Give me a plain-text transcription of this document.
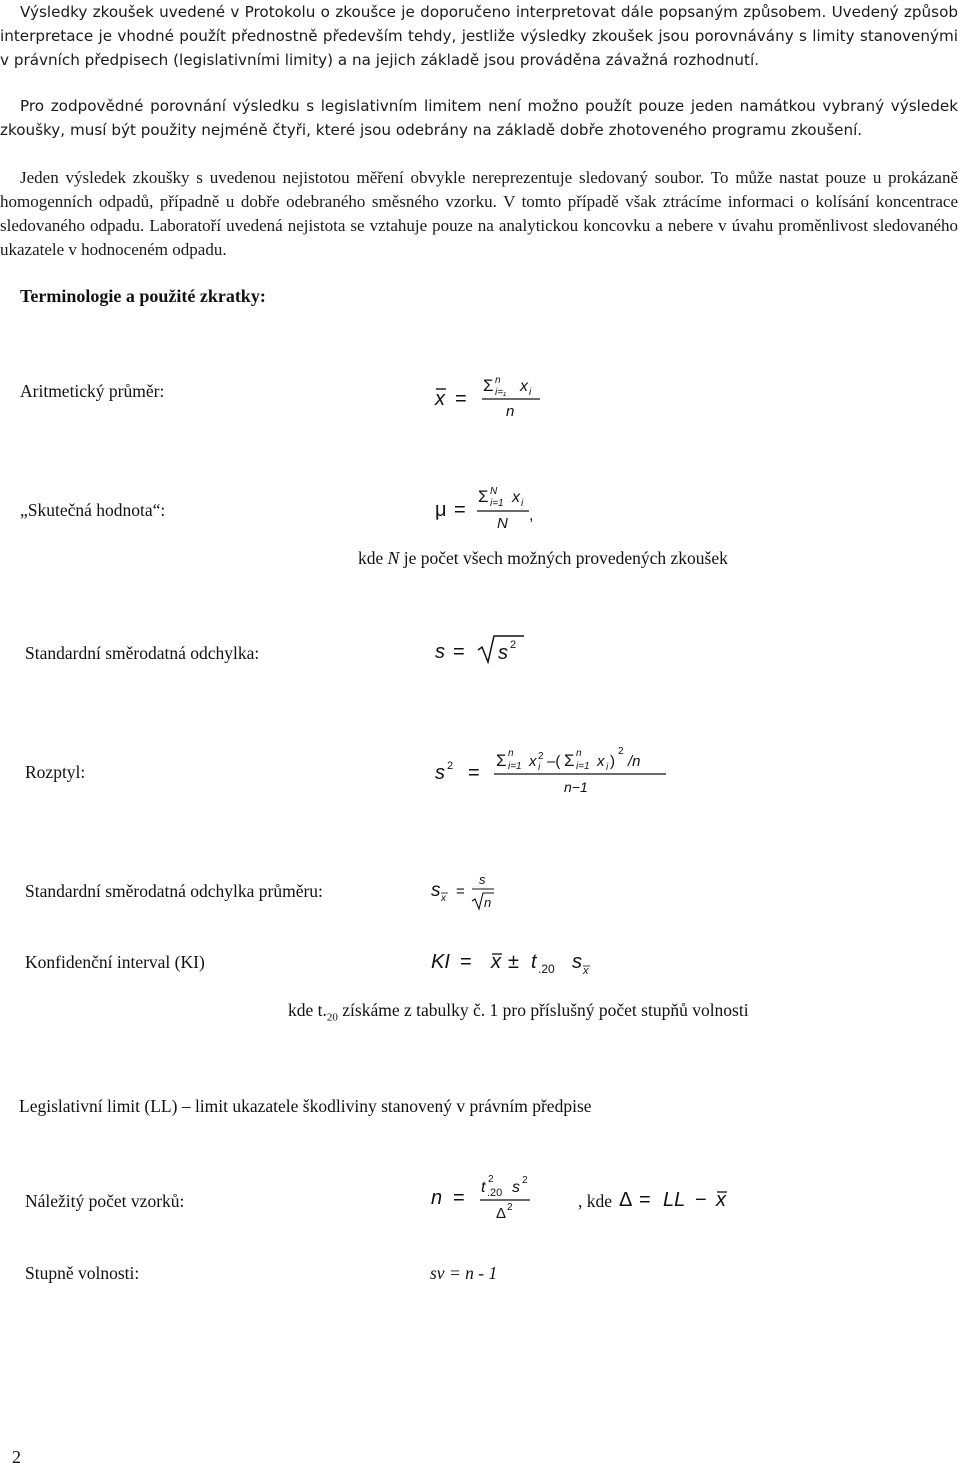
Výsledky zkoušek uvedené v Protokolu o zkoušce je doporučeno interpretovat dále popsaným způsobem. Uvedený způsob interpretace je vhodné použít přednostně především tehdy, jestliže výsledky zkoušek jsou porovnávány s limity stanovenými v právních předpisech (legislativními limity) a na jejich základě jsou prováděna závažná rozhodnutí.

Pro zodpovědné porovnání výsledku s legislativním limitem není možno použít pouze jeden namátkou vybraný výsledek zkoušky, musí být použity nejméně čtyři, které jsou odebrány na základě dobře zhotoveného programu zkoušení.

Jeden výsledek zkoušky s uvedenou nejistotou měření obvykle nereprezentuje sledovaný soubor. To může nastat pouze u prokázaně homogenních odpadů, případně u dobře odebraného směsného vzorku. V tomto případě však ztrácíme informaci o kolísání koncentrace sledovaného odpadu. Laboratoří uvedená nejistota se vztahuje pouze na analytickou koncovku a nebere v úvahu proměnlivost sledovaného ukazatele v hodnoceném odpadu.

Terminologie a použité zkratky:
Aritmetický průměr:	x =
Σ n
i=₁ x i
n
„Skutečná hodnota“:	μ =
Σ N
i=1 x i
N ,
kde N je počet všech možných provedených zkoušek
Standardní směrodatná odchylka:	s = s 2
Rozptyl:	s 2 =
Σ n
i=1 x 2
i –( Σ n
i=1 x i )
2
/n
n−1
Standardní směrodatná odchylka průměru:	s x =
s
n
Konfidenční interval (KI)	KI = x ± t .20 s x
kde $t._{20}$ získáme z tabulky č. 1 pro příslušný počet stupňů volnosti
Legislativní limit (LL) – limit ukazatele škodliviny stanovený v právním předpise
Náležitý počet vzorků:	n = t 2
.20 s 2
Δ 2	, kde Δ = LL − x
Stupně volnosti:	sv = n - 1
2
